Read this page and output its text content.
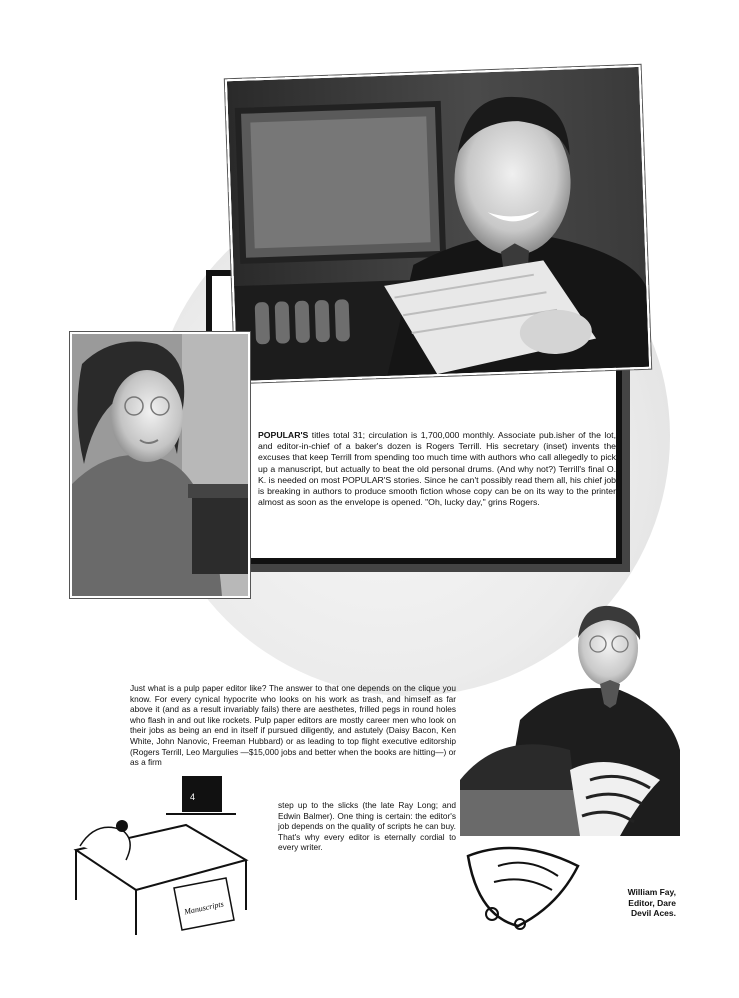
POPULAR'S titles total 31; circulation is 1,700,000 monthly. Associate pub.isher of the lot, and editor-in-chief of a baker's dozen is Rogers Terrill. His secretary (inset) invents the excuses that keep Terrill from spending too much time with authors who call allegedly to pick up a manuscript, but actually to beat the old personal drums. (And why not?) Terrill's final O. K. is needed on most POPULAR'S stories. Since he can't possibly read them all, his chief job is breaking in authors to produce smooth fiction whose copy can be on its way to the printer almost as soon as the envelope is opened. "Oh, lucky day," grins Rogers.

Just what is a pulp paper editor like? The answer to that one depends on the clique you know. For every cynical hypocrite who looks on his work as trash, and himself as far above it (and as a result invariably fails) there are aesthetes, frilled pegs in round holes who flash in and out like rockets. Pulp paper editors are mostly career men who look on their jobs as being an end in itself if pursued diligently, and astutely (Daisy Bacon, Ken White, John Nanovic, Freeman Hubbard) or as leading to top flight executive editorship (Rogers Terrill, Leo Margulies —$15,000 jobs and better when the books are hitting—) or as a firm

step up to the slicks (the late Ray Long; and Edwin Balmer). One thing is certain: the editor's job depends on the quality of scripts he can buy. That's why every editor is eternally cordial to every writer.

4
Manuscripts

William Fay,
Editor, Dare
Devil Aces.
